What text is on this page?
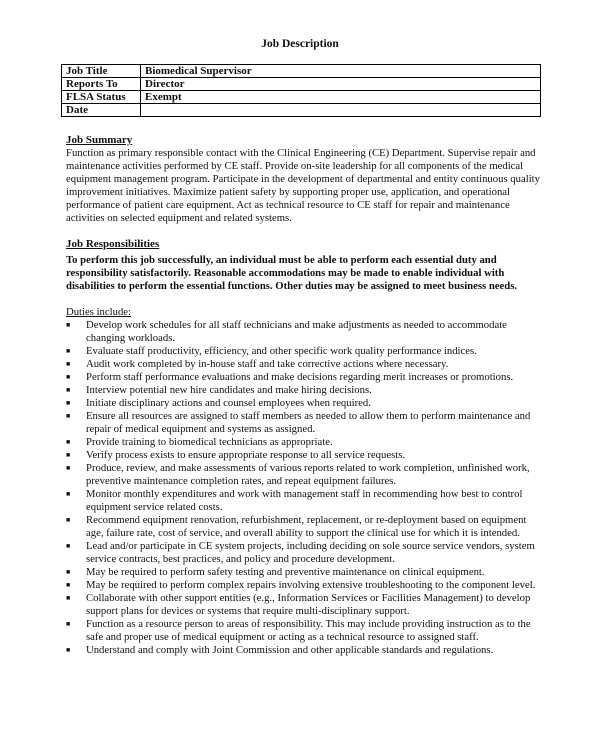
Job Description
Job Title	Biomedical Supervisor
Reports To	Director
FLSA Status	Exempt
Date	
Job Summary
Function as primary responsible contact with the Clinical Engineering (CE) Department. Supervise repair and maintenance activities performed by CE staff. Provide on-site leadership for all components of the medical equipment management program. Participate in the development of departmental and entity continuous quality improvement initiatives. Maximize patient safety by supporting proper use, application, and operational performance of patient care equipment. Act as technical resource to CE staff for repair and maintenance activities on selected equipment and related systems.
Job Responsibilities
To perform this job successfully, an individual must be able to perform each essential duty and responsibility satisfactorily. Reasonable accommodations may be made to enable individual with disabilities to perform the essential functions. Other duties may be assigned to meet business needs.
Duties include:
■ Develop work schedules for all staff technicians and make adjustments as needed to accommodate changing workloads.
■ Evaluate staff productivity, efficiency, and other specific work quality performance indices.
■ Audit work completed by in-house staff and take corrective actions where necessary.
■ Perform staff performance evaluations and make decisions regarding merit increases or promotions.
■ Interview potential new hire candidates and make hiring decisions.
■ Initiate disciplinary actions and counsel employees when required.
■ Ensure all resources are assigned to staff members as needed to allow them to perform maintenance and repair of medical equipment and systems as assigned.
■ Provide training to biomedical technicians as appropriate.
■ Verify process exists to ensure appropriate response to all service requests.
■ Produce, review, and make assessments of various reports related to work completion, unfinished work, preventive maintenance completion rates, and repeat equipment failures.
■ Monitor monthly expenditures and work with management staff in recommending how best to control equipment service related costs.
■ Recommend equipment renovation, refurbishment, replacement, or re-deployment based on equipment age, failure rate, cost of service, and overall ability to support the clinical use for which it is intended.
■ Lead and/or participate in CE system projects, including deciding on sole source service vendors, system service contracts, best practices, and policy and procedure development.
■ May be required to perform safety testing and preventive maintenance on clinical equipment.
■ May be required to perform complex repairs involving extensive troubleshooting to the component level.
■ Collaborate with other support entities (e.g., Information Services or Facilities Management) to develop support plans for devices or systems that require multi-disciplinary support.
■ Function as a resource person to areas of responsibility. This may include providing instruction as to the safe and proper use of medical equipment or acting as a technical resource to assigned staff.
■ Understand and comply with Joint Commission and other applicable standards and regulations.
